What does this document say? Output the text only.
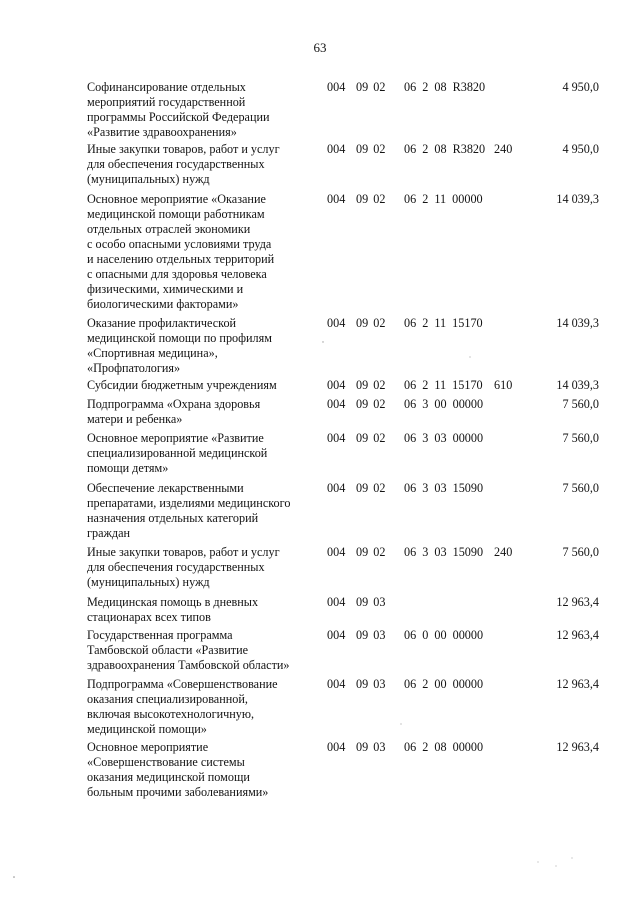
63
Софинансирование отдельных
мероприятий государственной
программы Российской Федерации
«Развитие здравоохранения»
004 09 02 06 2 08 R3820	4 950,0
Иные закупки товаров, работ и услуг
для обеспечения государственных
(муниципальных) нужд
004 09 02 06 2 08 R3820 240	4 950,0
Основное мероприятие «Оказание
медицинской помощи работникам
отдельных отраслей экономики
с особо опасными условиями труда
и населению отдельных территорий
с опасными для здоровья человека
физическими, химическими и
биологическими факторами»
004 09 02 06 2 11 00000	14 039,3
Оказание профилактической
медицинской помощи по профилям
«Спортивная медицина»,
«Профпатология»
004 09 02 06 2 11 15170	14 039,3
Субсидии бюджетным учреждениям	004 09 02 06 2 11 15170 610	14 039,3
Подпрограмма «Охрана здоровья
матери и ребенка»
004 09 02 06 3 00 00000	7 560,0
Основное мероприятие «Развитие
специализированной медицинской
помощи детям»
004 09 02 06 3 03 00000	7 560,0
Обеспечение лекарственными
препаратами, изделиями медицинского
назначения отдельных категорий
граждан
004 09 02 06 3 03 15090	7 560,0
Иные закупки товаров, работ и услуг
для обеспечения государственных
(муниципальных) нужд
004 09 02 06 3 03 15090 240	7 560,0
Медицинская помощь в дневных
стационарах всех типов
004 09 03	12 963,4
Государственная программа
Тамбовской области «Развитие
здравоохранения Тамбовской области»
004 09 03 06 0 00 00000	12 963,4
Подпрограмма «Совершенствование
оказания специализированной,
включая высокотехнологичную,
медицинской помощи»
004 09 03 06 2 00 00000	12 963,4
Основное мероприятие
«Совершенствование системы
оказания медицинской помощи
больным прочими заболеваниями»
004 09 03 06 2 08 00000	12 963,4
